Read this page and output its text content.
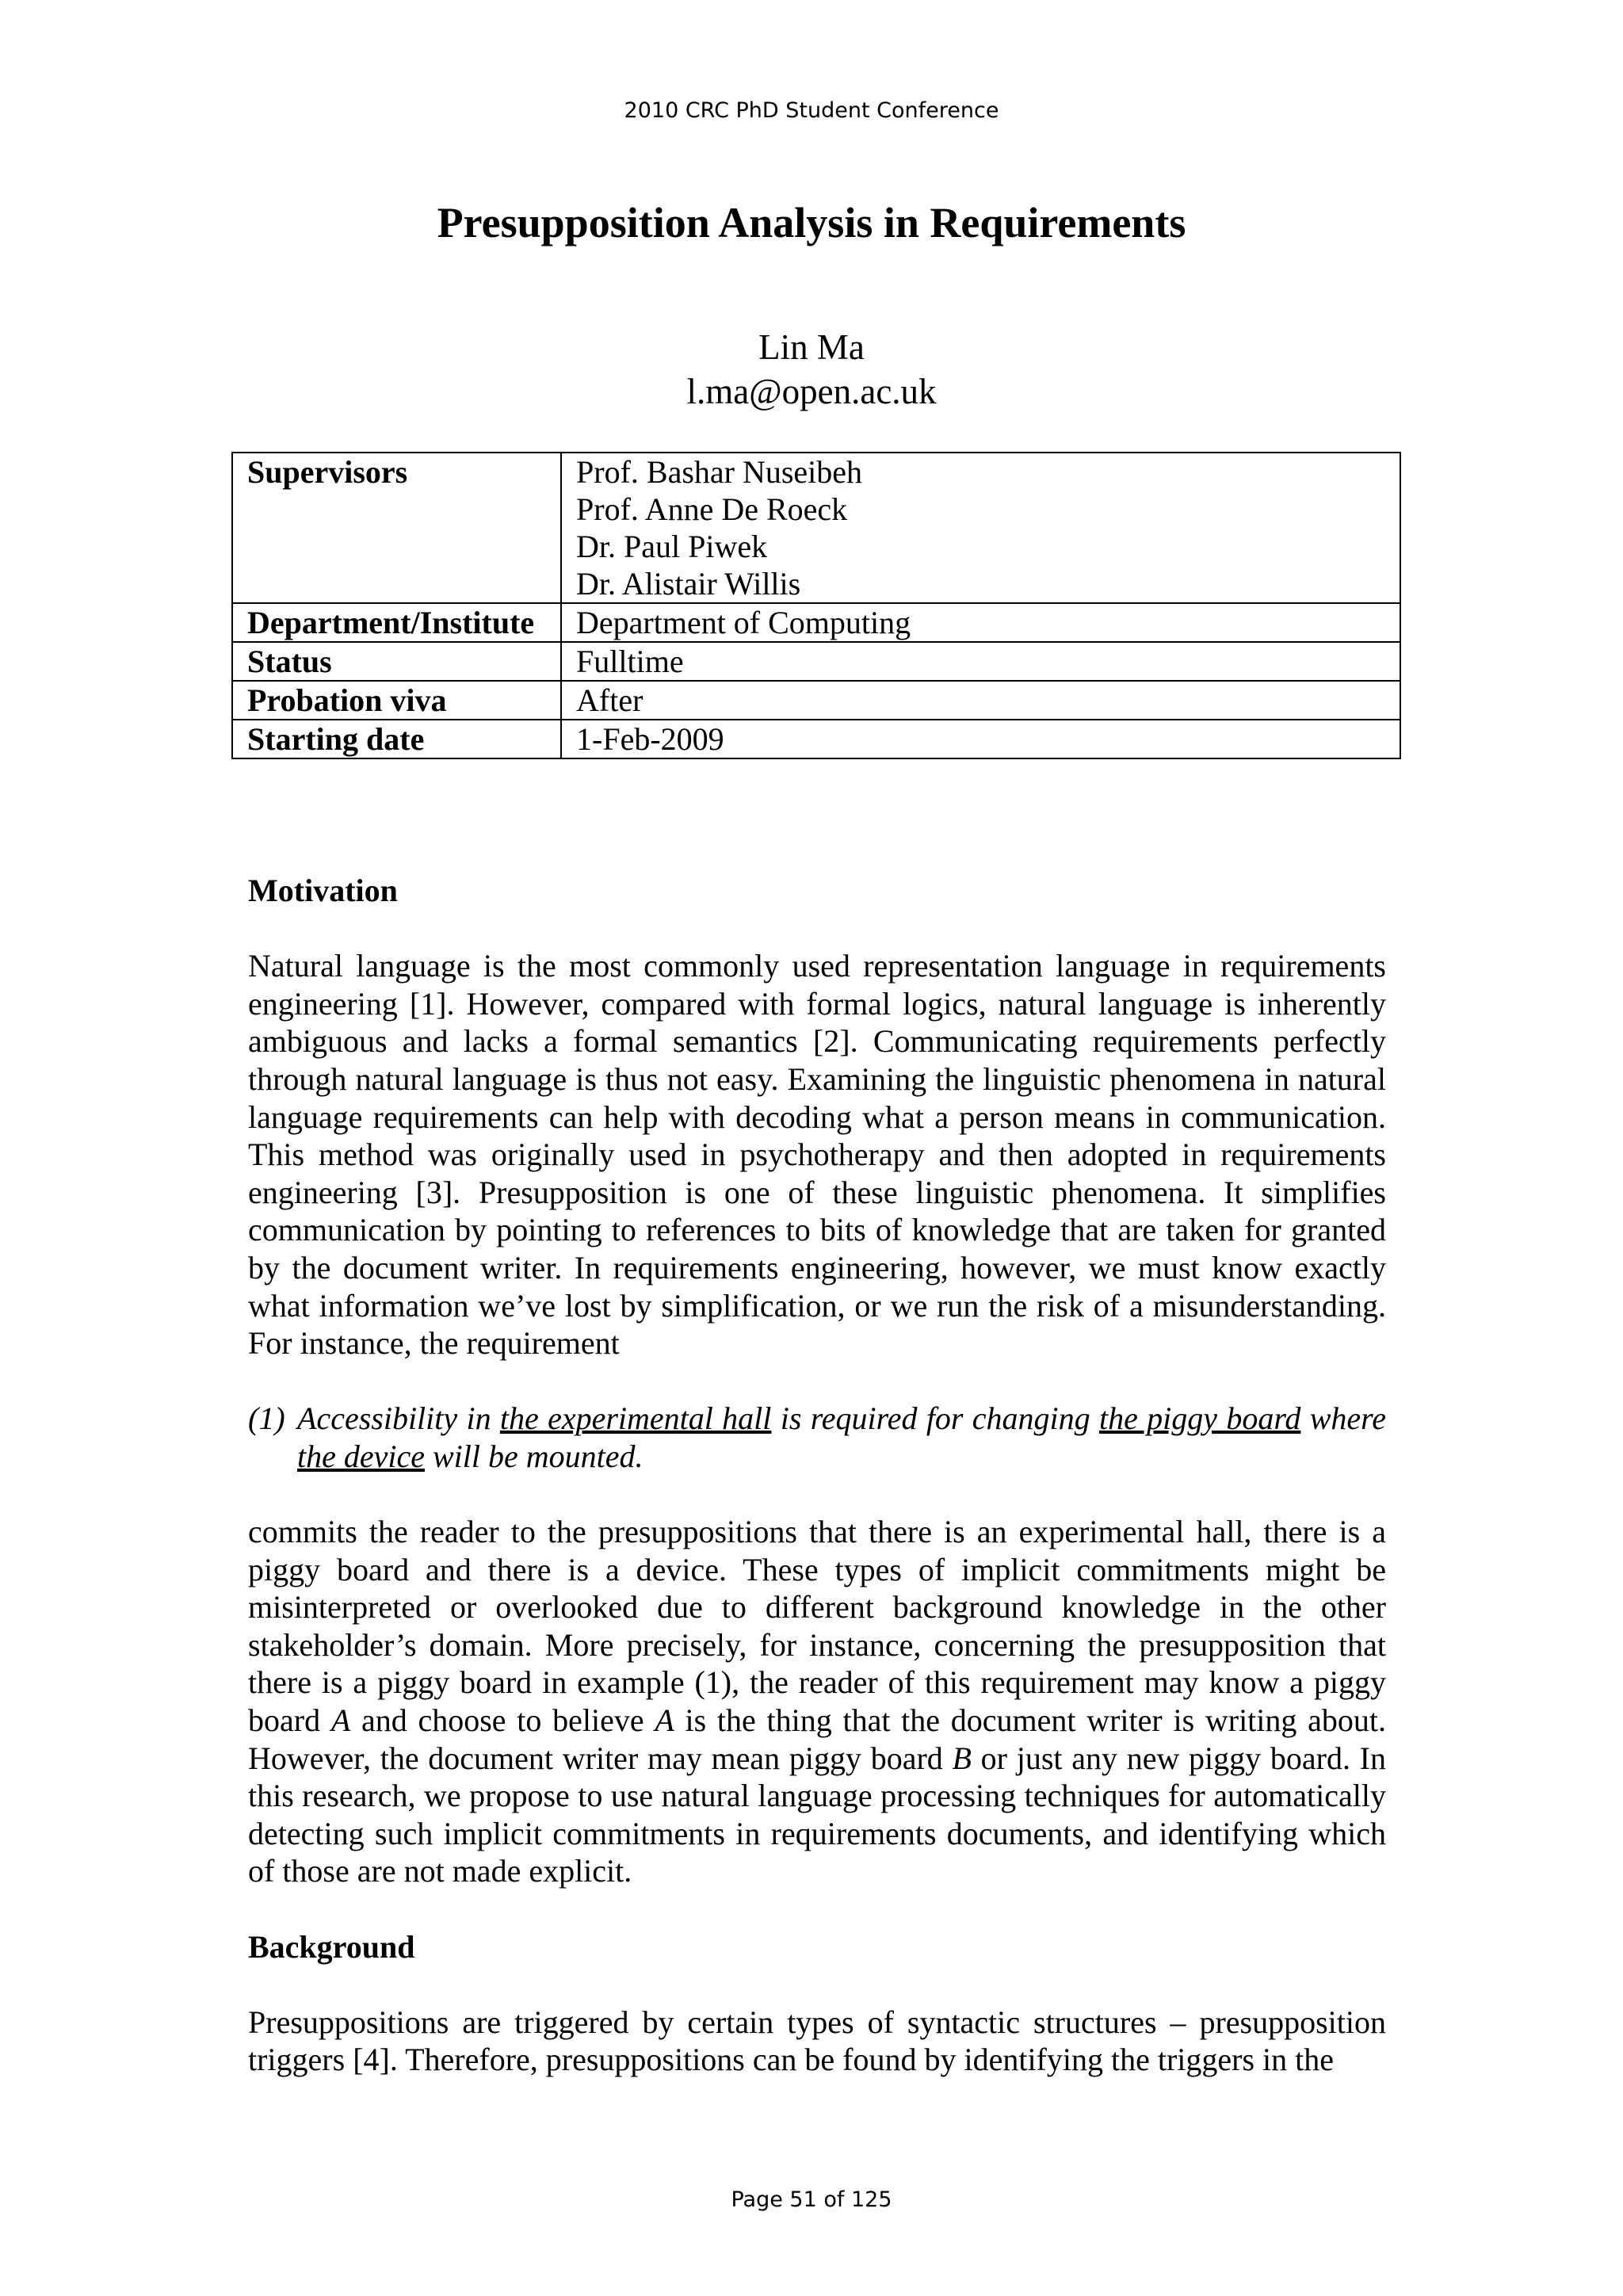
2010 CRC PhD Student Conference
Presupposition Analysis in Requirements
Lin Ma
l.ma@open.ac.uk
Supervisors	Prof. Bashar Nuseibeh
Prof. Anne De Roeck
Dr. Paul Piwek
Dr. Alistair Willis

Department/Institute	Department of Computing
Status	Fulltime
Probation viva	After
Starting date	1-Feb-2009
Motivation

Natural language is the most commonly used representation language in requirements engineering [1]. However, compared with formal logics, natural language is inherently ambiguous and lacks a formal semantics [2]. Communicating requirements perfectly through natural language is thus not easy. Examining the linguistic phenomena in natural language requirements can help with decoding what a person means in communication. This method was originally used in psychotherapy and then adopted in requirements engineering [3]. Presupposition is one of these linguistic phenomena. It simplifies communication by pointing to references to bits of knowledge that are taken for granted by the document writer. In requirements engineering, however, we must know exactly what information we’ve lost by simplification, or we run the risk of a misunderstanding. For instance, the requirement

(1) Accessibility in the experimental hall is required for changing the piggy board where the device will be mounted.

commits the reader to the presuppositions that there is an experimental hall, there is a piggy board and there is a device. These types of implicit commitments might be misinterpreted or overlooked due to different background knowledge in the other stakeholder’s domain. More precisely, for instance, concerning the presupposition that there is a piggy board in example (1), the reader of this requirement may know a piggy board A and choose to believe A is the thing that the document writer is writing about. However, the document writer may mean piggy board B or just any new piggy board. In this research, we propose to use natural language processing techniques for automatically detecting such implicit commitments in requirements documents, and identifying which of those are not made explicit.

Background

Presuppositions are triggered by certain types of syntactic structures – presupposition triggers [4]. Therefore, presuppositions can be found by identifying the triggers in the

Page 51 of 125
